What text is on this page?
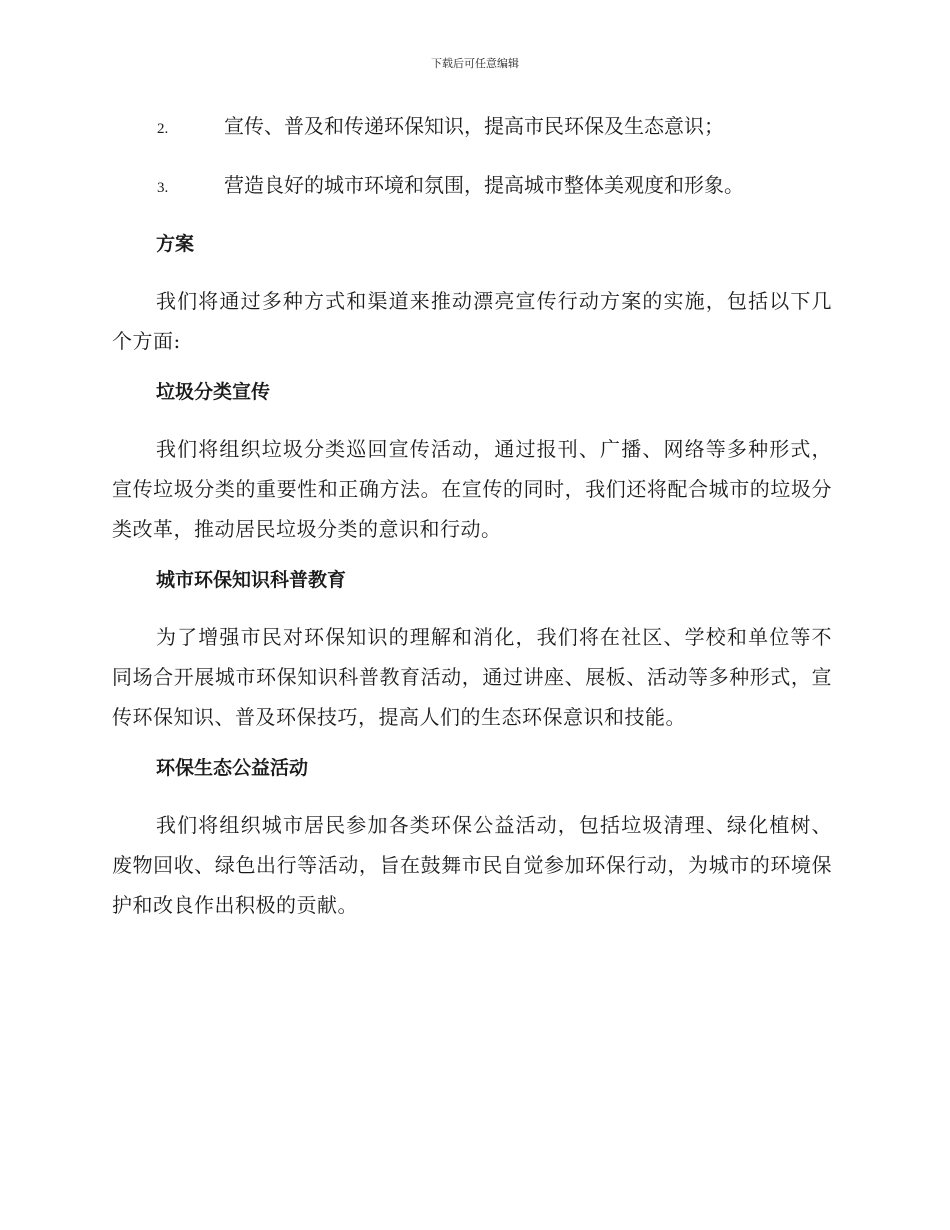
下载后可任意编辑
2.	宣传、普及和传递环保知识，提高市民环保及生态意识；
3.	营造良好的城市环境和氛围，提高城市整体美观度和形象。
方案

我们将通过多种方式和渠道来推动漂亮宣传行动方案的实施，包括以下几个方面:

垃圾分类宣传

我们将组织垃圾分类巡回宣传活动，通过报刊、广播、网络等多种形式，宣传垃圾分类的重要性和正确方法。在宣传的同时，我们还将配合城市的垃圾分类改革，推动居民垃圾分类的意识和行动。

城市环保知识科普教育

为了增强市民对环保知识的理解和消化，我们将在社区、学校和单位等不同场合开展城市环保知识科普教育活动，通过讲座、展板、活动等多种形式，宣传环保知识、普及环保技巧，提高人们的生态环保意识和技能。

环保生态公益活动

我们将组织城市居民参加各类环保公益活动，包括垃圾清理、绿化植树、废物回收、绿色出行等活动，旨在鼓舞市民自觉参加环保行动，为城市的环境保护和改良作出积极的贡献。
